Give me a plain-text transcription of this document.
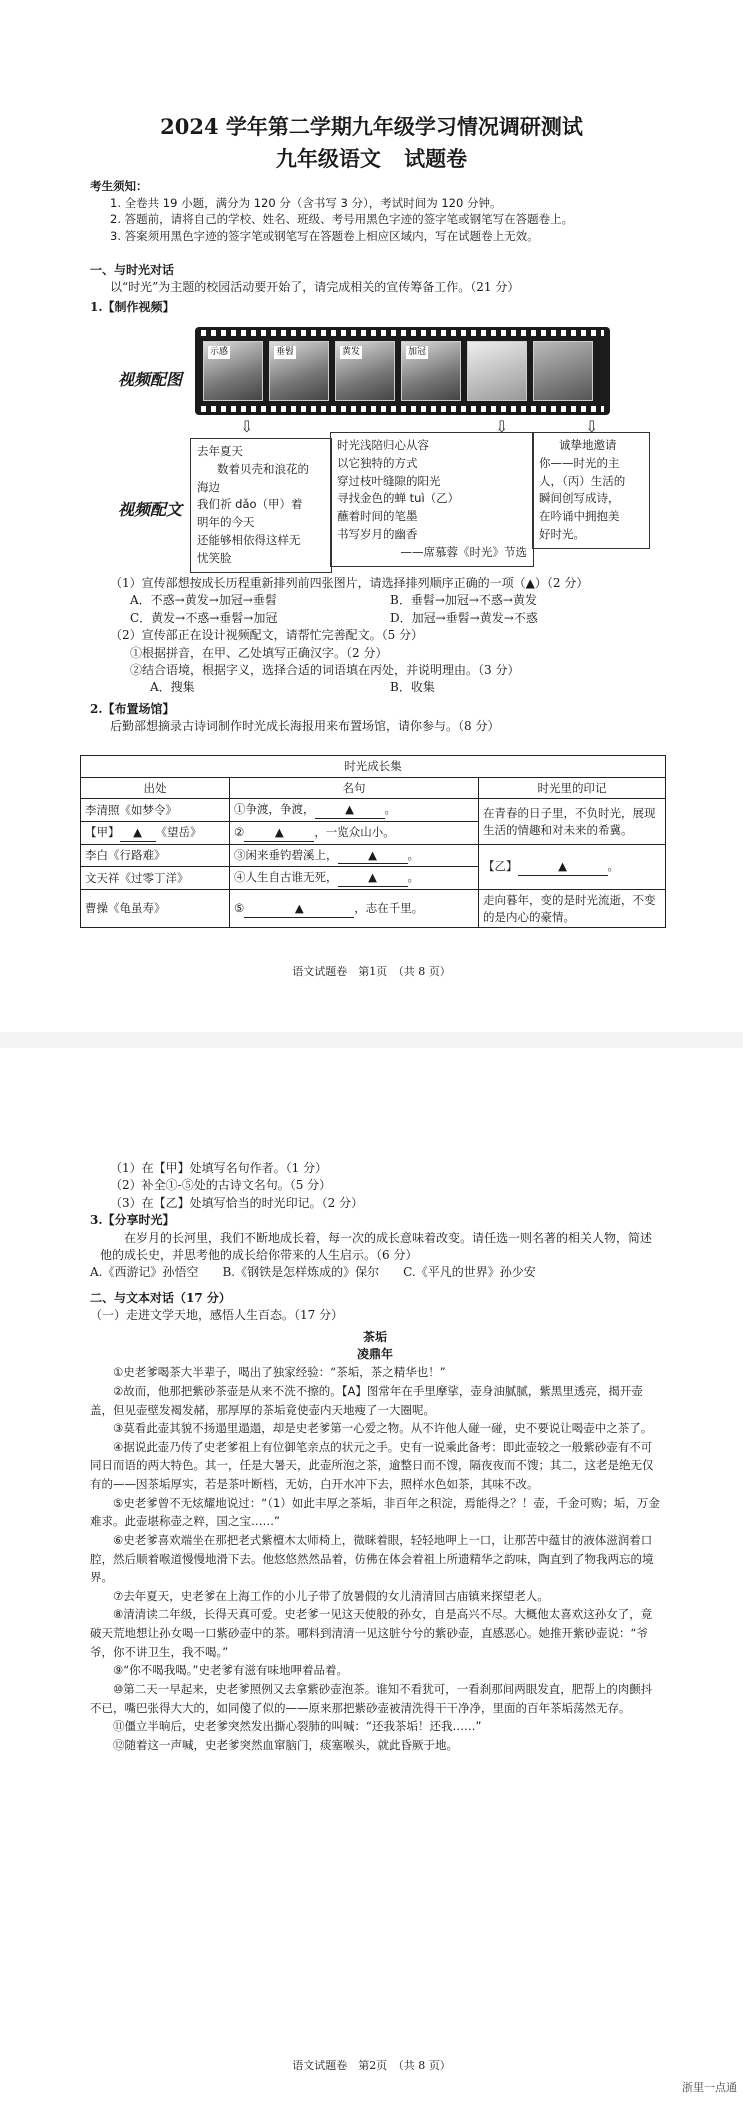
2024 学年第二学期九年级学习情况调研测试
九年级语文 试题卷
考生须知：
1. 全卷共 19 小题，满分为 120 分（含书写 3 分），考试时间为 120 分钟。
2. 答题前，请将自己的学校、姓名、班级、考号用黑色字迹的签字笔或钢笔写在答题卷上。
3. 答案须用黑色字迹的签字笔或钢笔写在答题卷上相应区域内，写在试题卷上无效。
一、与时光对话
以“时光”为主题的校园活动要开始了，请完成相关的宣传筹备工作。（21 分）
1.【制作视频】
视频配图
示感	垂髫	黄发	加冠
⇩	⇩	⇩
视频配文
去年夏天
数着贝壳和浪花的
海边
我们祈 dǎo（甲）着
明年的今天
还能够相依得这样无
忧笑脸
时光浅陪归心从容
以它独特的方式
穿过枝叶缝隙的阳光
寻找金色的蝉 tuì（乙）
蘸着时间的笔墨
书写岁月的幽香
——席慕蓉《时光》节选
诚挚地邀请
你——时光的主
人，（丙）生活的
瞬间创写成诗，
在吟诵中拥抱美
好时光。
（1）宣传部想按成长历程重新排列前四张图片，请选择排列顺序正确的一项（▲）（2 分）
A．不惑→黄发→加冠→垂髫	B．垂髫→加冠→不惑→黄发
C．黄发→不惑→垂髫→加冠	D．加冠→垂髫→黄发→不惑
（2）宣传部正在设计视频配文，请帮忙完善配文。（5 分）
①根据拼音，在甲、乙处填写正确汉字。（2 分）
②结合语境，根据字义，选择合适的词语填在丙处，并说明理由。（3 分）
A．搜集	B．收集
2.【布置场馆】
后勤部想摘录古诗词制作时光成长海报用来布置场馆，请你参与。（8 分）
时光成长集		
出处	名句	时光里的印记
李清照《如梦令》	①争渡，争渡， ▲ 。	在青春的日子里，不负时光，展现生活的情趣和对未来的希冀。
【甲】 ▲ 《望岳》	② ▲ ，一览众山小。	
李白《行路难》	③闲来垂钓碧溪上， ▲ 。	【乙】 ▲ 。
文天祥《过零丁洋》	④人生自古谁无死， ▲ 。	
曹操《龟虽寿》	⑤ ▲ ，志在千里。	走向暮年，变的是时光流逝，不变的是内心的豪情。
语文试题卷　第1页　（共 8 页）
（1）在【甲】处填写名句作者。（1 分）
（2）补全①-⑤处的古诗文名句。（5 分）
（3）在【乙】处填写恰当的时光印记。（2 分）
3.【分享时光】
在岁月的长河里，我们不断地成长着，每一次的成长意味着改变。请任选一则名著的相关人物，简述他的成长史，并思考他的成长给你带来的人生启示。（6 分）
A.《西游记》孙悟空 B.《钢铁是怎样炼成的》保尔 C.《平凡的世界》孙少安
二、与文本对话（17 分）
（一）走进文学天地，感悟人生百态。（17 分）
茶垢
凌鼎年
①史老爹喝茶大半辈子，喝出了独家经验：“茶垢，茶之精华也！”
②故而，他那把紫砂茶壶是从来不洗不擦的。【A】图常年在手里摩挲，壶身油腻腻，紫黑里透亮，揭开壶盖，但见壶壁发褐发赭，那厚厚的茶垢竟使壶内天地瘦了一大圈呢。
③莫看此壶其貌不扬遢里遢遢，却是史老爹第一心爱之物。从不许他人碰一碰，史不要说让喝壶中之茶了。
④据说此壶乃传了史老爹祖上有位御笔亲点的状元之手。史有一说乘此备考：即此壶较之一般紫砂壶有不可同日而语的两大特色。其一，任是大暑天，此壶所泡之茶，逾整日而不馊，隔夜夜而不馊；其二，这老是绝无仅有的——因茶垢厚实，若是茶叶断档，无妨，白开水冲下去，照样水色如茶，其味不改。
⑤史老爹曾不无炫耀地说过：“（1）如此丰厚之茶垢，非百年之积淀，焉能得之？！壶，千金可购；垢，万金难求。此壶堪称壶之粹，国之宝……”
⑥史老爹喜欢端坐在那把老式紫檀木太师椅上，微眯着眼，轻轻地呷上一口，让那苦中蕴甘的液体滋润着口腔，然后顺着喉道慢慢地滑下去。他悠悠然然品着，仿佛在体会着祖上所遗精华之韵味，陶直到了物我两忘的境界。
⑦去年夏天，史老爹在上海工作的小儿子带了放暑假的女儿清清回古庙镇来探望老人。
⑧清清读二年级，长得天真可爱。史老爹一见这天使般的孙女，自是高兴不尽。大概他太喜欢这孙女了，竟破天荒地想让孙女喝一口紫砂壶中的茶。哪料到清清一见这脏兮兮的紫砂壶，直感恶心。她推开紫砂壶说：“爷爷，你不讲卫生，我不喝。”
⑨“你不喝我喝。”史老爹有滋有味地呷着品着。
⑩第二天一早起来，史老爹照例又去拿紫砂壶泡茶。谁知不看犹可，一看刹那间两眼发直，肥帮上的肉颤抖不已，嘴巴张得大大的，如同傻了似的——原来那把紫砂壶被清洗得干干净净，里面的百年茶垢荡然无存。
⑪僵立半晌后，史老爹突然发出撕心裂肺的叫喊：“还我茶垢！还我……”
⑫随着这一声喊，史老爹突然血窜脑门，痰塞喉头，就此昏厥于地。
语文试题卷　第2页　（共 8 页）
浙里一点通
